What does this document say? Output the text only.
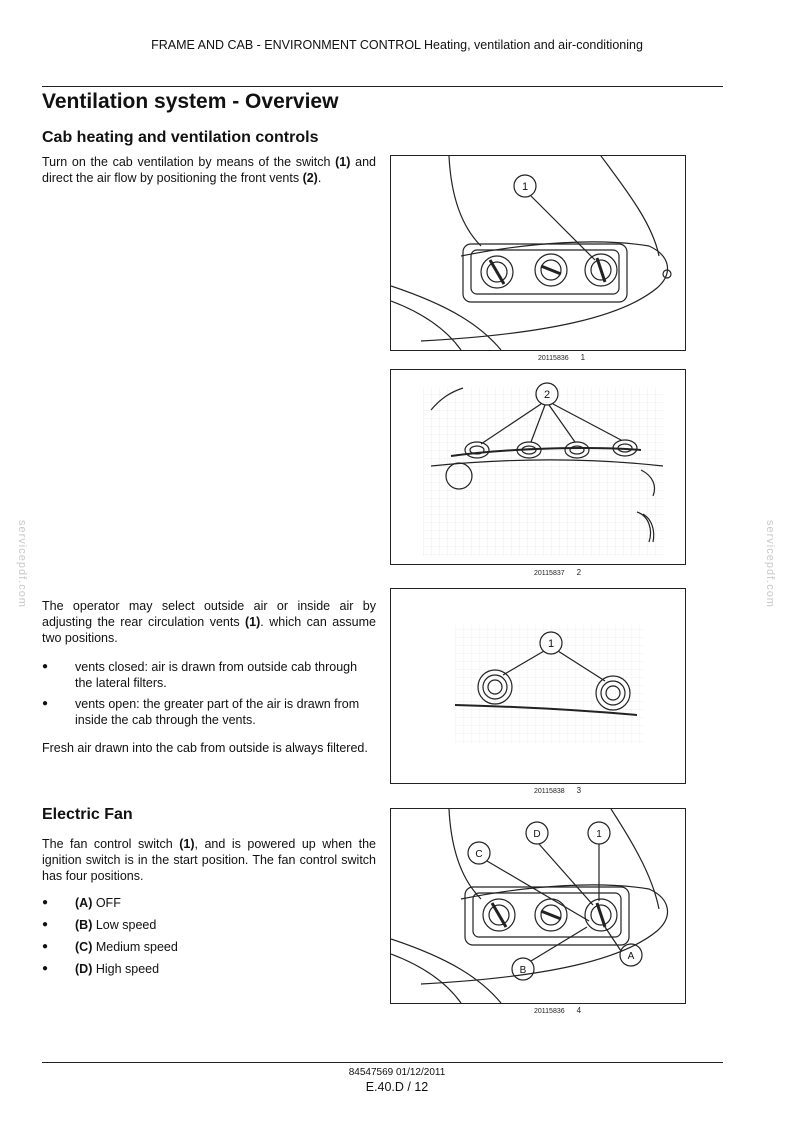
FRAME AND CAB - ENVIRONMENT CONTROL Heating, ventilation and air-conditioning
Ventilation system - Overview
Cab heating and ventilation controls

Turn on the cab ventilation by means of the switch (1) and direct the air flow by positioning the front vents (2).

The operator may select outside air or inside air by adjusting the rear circulation vents (1). which can assume two positions.

● vents closed: air is drawn from outside cab through the lateral filters.
● vents open: the greater part of the air is drawn from inside the cab through the vents.

Fresh air drawn into the cab from outside is always filtered.

Electric Fan

The fan control switch (1), and is powered up when the ignition switch is in the start position. The fan control switch has four positions.

● (A) OFF
● (B) Low speed
● (C) Medium speed
● (D) High speed
1
20115836 1
2
20115837 2
1
20115838 3
D	1
C
A
B
20115836 4
servicepdf.com	servicepdf.com
84547569 01/12/2011
E.40.D / 12
